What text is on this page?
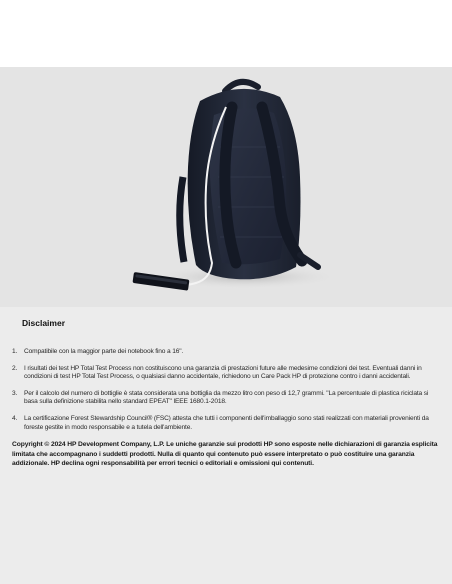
Disclaimer
1. Compatibile con la maggior parte dei notebook fino a 16".
2. I risultati dei test HP Total Test Process non costituiscono una garanzia di prestazioni future alle medesime condizioni dei test. Eventuali danni in condizioni di test HP Total Test Process, o qualsiasi danno accidentale, richiedono un Care Pack HP di protezione contro i danni accidentali.
3. Per il calcolo del numero di bottiglie è stata considerata una bottiglia da mezzo litro con peso di 12,7 grammi. "La percentuale di plastica riciclata si basa sulla definizione stabilita nello standard EPEAT" IEEE 1680.1-2018.
4. La certificazione Forest Stewardship Council® (FSC) attesta che tutti i componenti dell'imballaggio sono stati realizzati con materiali provenienti da foreste gestite in modo responsabile e a tutela dell'ambiente.

Copyright © 2024 HP Development Company, L.P. Le uniche garanzie sui prodotti HP sono esposte nelle dichiarazioni di garanzia esplicita limitata che accompagnano i suddetti prodotti. Nulla di quanto qui contenuto può essere interpretato o può costituire una garanzia addizionale. HP declina ogni responsabilità per errori tecnici o editoriali e omissioni qui contenuti.
